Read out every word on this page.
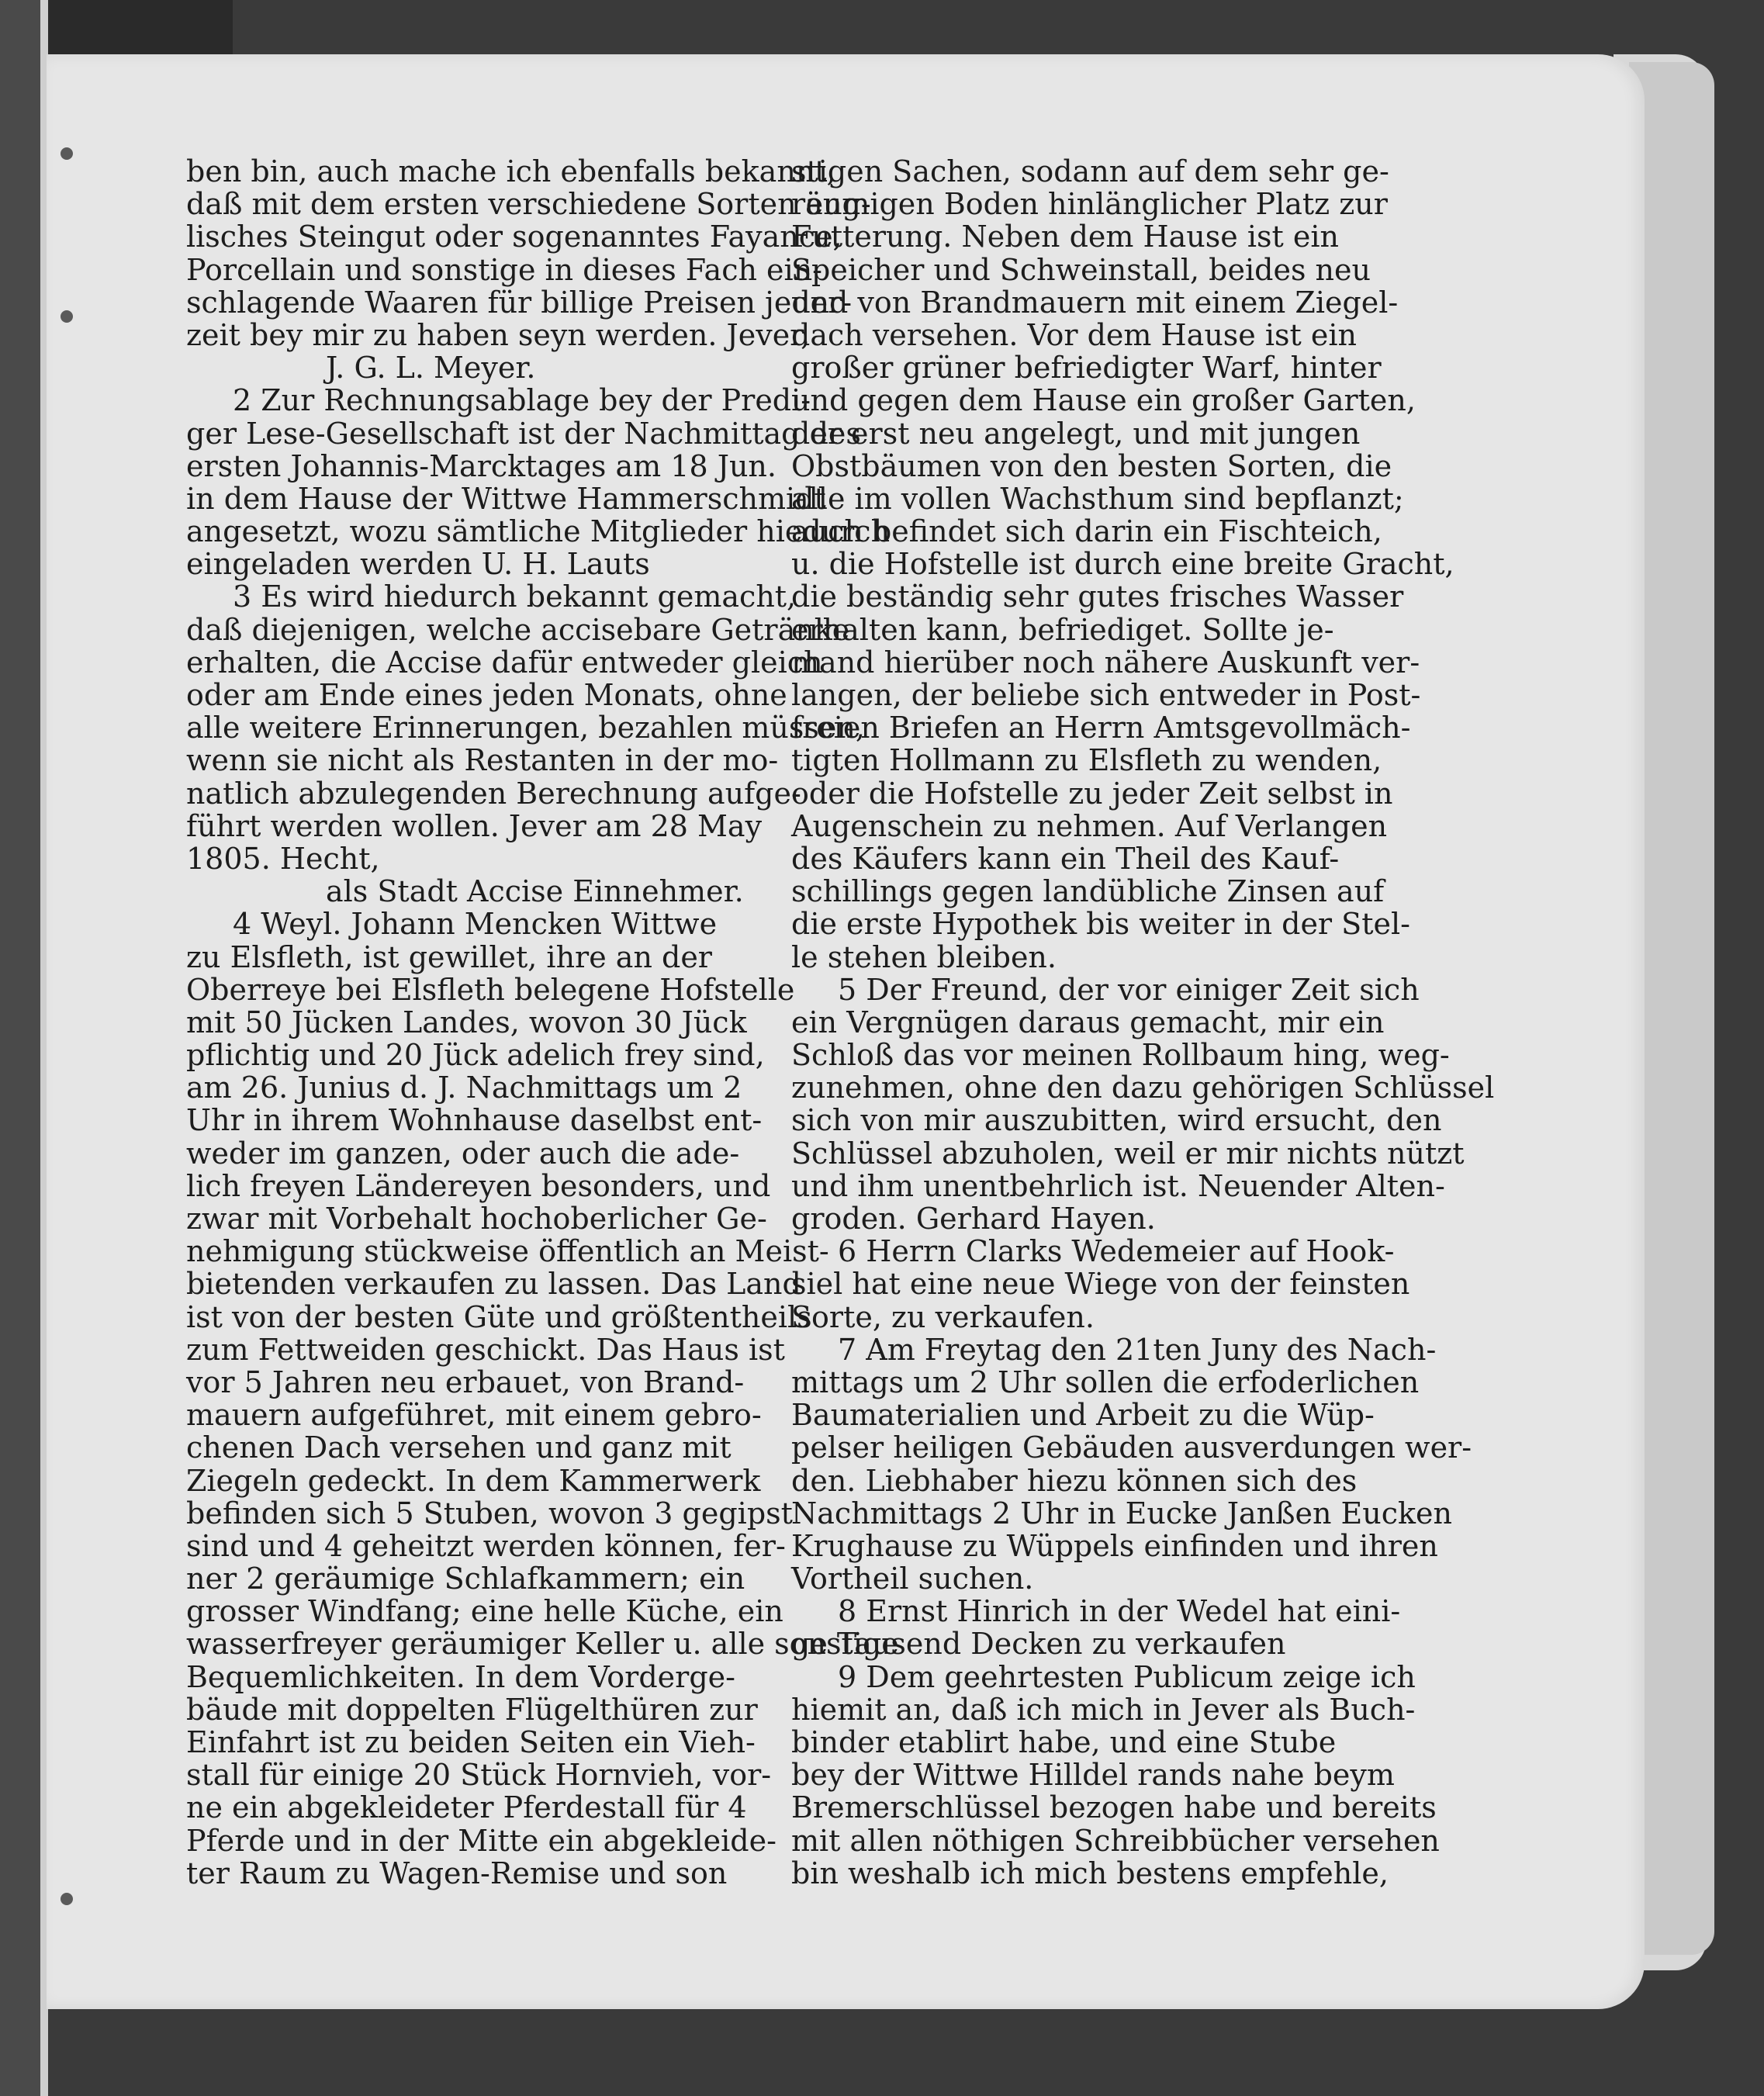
ben bin, auch mache ich ebenfalls bekannt,
daß mit dem ersten verschiedene Sorten eng-
lisches Steingut oder sogenanntes Fayance,
Porcellain und sonstige in dieses Fach ein-
schlagende Waaren für billige Preisen jeder-
zeit bey mir zu haben seyn werden. Jever,
J. G. L. Meyer.
2 Zur Rechnungsablage bey der Predi-
ger Lese-Gesellschaft ist der Nachmittag des
ersten Johannis-Marcktages am 18 Jun.
in dem Hause der Wittwe Hammerschmidt
angesetzt, wozu sämtliche Mitglieder hiedurch
eingeladen werden U. H. Lauts
3 Es wird hiedurch bekannt gemacht,
daß diejenigen, welche accisebare Getränke
erhalten, die Accise dafür entweder gleich
oder am Ende eines jeden Monats, ohne
alle weitere Erinnerungen, bezahlen müssen,
wenn sie nicht als Restanten in der mo-
natlich abzulegenden Berechnung aufge-
führt werden wollen. Jever am 28 May
1805. Hecht,
als Stadt Accise Einnehmer.
4 Weyl. Johann Mencken Wittwe
zu Elsfleth, ist gewillet, ihre an der
Oberreye bei Elsfleth belegene Hofstelle
mit 50 Jücken Landes, wovon 30 Jück
pflichtig und 20 Jück adelich frey sind,
am 26. Junius d. J. Nachmittags um 2
Uhr in ihrem Wohnhause daselbst ent-
weder im ganzen, oder auch die ade-
lich freyen Ländereyen besonders, und
zwar mit Vorbehalt hochoberlicher Ge-
nehmigung stückweise öffentlich an Meist-
bietenden verkaufen zu lassen. Das Land
ist von der besten Güte und größtentheils
zum Fettweiden geschickt. Das Haus ist
vor 5 Jahren neu erbauet, von Brand-
mauern aufgeführet, mit einem gebro-
chenen Dach versehen und ganz mit
Ziegeln gedeckt. In dem Kammerwerk
befinden sich 5 Stuben, wovon 3 gegipst
sind und 4 geheitzt werden können, fer-
ner 2 geräumige Schlafkammern; ein
grosser Windfang; eine helle Küche, ein
wasserfreyer geräumiger Keller u. alle sonstige
Bequemlichkeiten. In dem Vorderge-
bäude mit doppelten Flügelthüren zur
Einfahrt ist zu beiden Seiten ein Vieh-
stall für einige 20 Stück Hornvieh, vor-
ne ein abgekleideter Pferdestall für 4
Pferde und in der Mitte ein abgekleide-
ter Raum zu Wagen-Remise und son
stigen Sachen, sodann auf dem sehr ge-
räumigen Boden hinlänglicher Platz zur
Futterung. Neben dem Hause ist ein
Speicher und Schweinstall, beides neu
und von Brandmauern mit einem Ziegel-
dach versehen. Vor dem Hause ist ein
großer grüner befriedigter Warf, hinter
und gegen dem Hause ein großer Garten,
der erst neu angelegt, und mit jungen
Obstbäumen von den besten Sorten, die
alle im vollen Wachsthum sind bepflanzt;
auch befindet sich darin ein Fischteich,
u. die Hofstelle ist durch eine breite Gracht,
die beständig sehr gutes frisches Wasser
erhalten kann, befriediget. Sollte je-
mand hierüber noch nähere Auskunft ver-
langen, der beliebe sich entweder in Post-
freien Briefen an Herrn Amtsgevollmäch-
tigten Hollmann zu Elsfleth zu wenden,
oder die Hofstelle zu jeder Zeit selbst in
Augenschein zu nehmen. Auf Verlangen
des Käufers kann ein Theil des Kauf-
schillings gegen landübliche Zinsen auf
die erste Hypothek bis weiter in der Stel-
le stehen bleiben.
5 Der Freund, der vor einiger Zeit sich
ein Vergnügen daraus gemacht, mir ein
Schloß das vor meinen Rollbaum hing, weg-
zunehmen, ohne den dazu gehörigen Schlüssel
sich von mir auszubitten, wird ersucht, den
Schlüssel abzuholen, weil er mir nichts nützt
und ihm unentbehrlich ist. Neuender Alten-
groden. Gerhard Hayen.
6 Herrn Clarks Wedemeier auf Hook-
siel hat eine neue Wiege von der feinsten
Sorte, zu verkaufen.
7 Am Freytag den 21ten Juny des Nach-
mittags um 2 Uhr sollen die erfoderlichen
Baumaterialien und Arbeit zu die Wüp-
pelser heiligen Gebäuden ausverdungen wer-
den. Liebhaber hiezu können sich des
Nachmittags 2 Uhr in Eucke Janßen Eucken
Krughause zu Wüppels einfinden und ihren
Vortheil suchen.
8 Ernst Hinrich in der Wedel hat eini-
ge Tausend Decken zu verkaufen
9 Dem geehrtesten Publicum zeige ich
hiemit an, daß ich mich in Jever als Buch-
binder etablirt habe, und eine Stube
bey der Wittwe Hilldel rands nahe beym
Bremerschlüssel bezogen habe und bereits
mit allen nöthigen Schreibbücher versehen
bin weshalb ich mich bestens empfehle,
